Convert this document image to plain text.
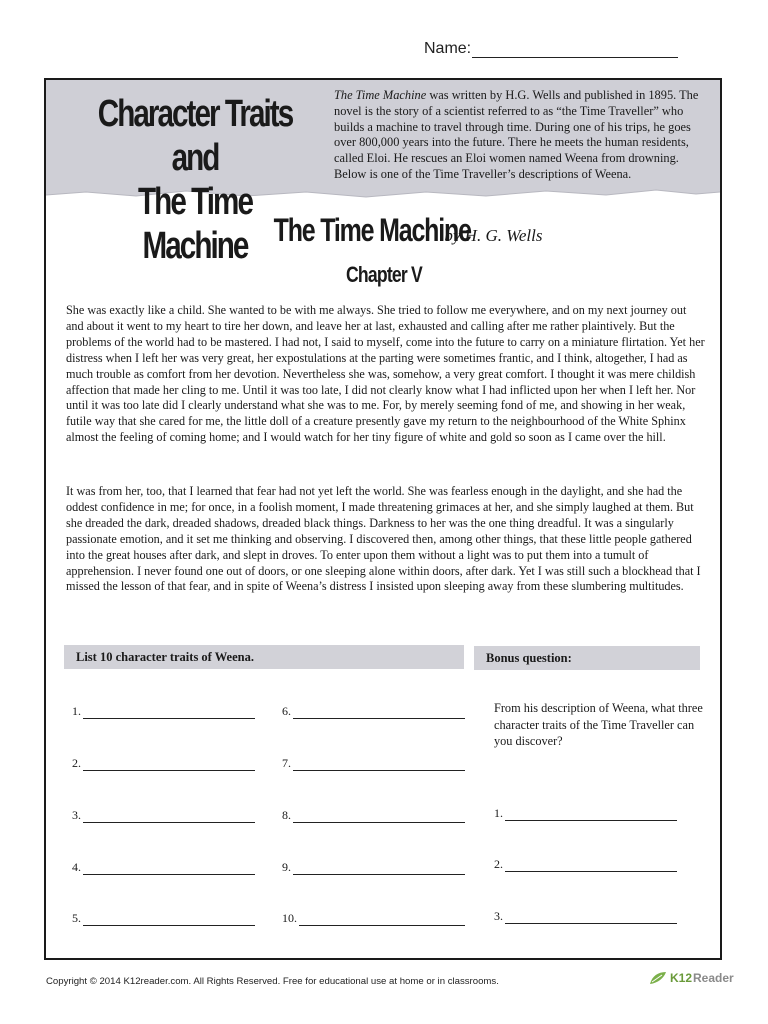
Name:
Character Traits and
The Time Machine
The Time Machine was written by H.G. Wells and published in 1895. The novel is the story of a scientist referred to as “the Time Traveller” who builds a machine to travel through time. During one of his trips, he goes over 800,000 years into the future. There he meets the human residents, called Eloi. He rescues an Eloi women named Weena from drowning. Below is one of the Time Traveller’s descriptions of Weena.
The Time Machine by H. G. Wells
Chapter V
She was exactly like a child. She wanted to be with me always. She tried to follow me everywhere, and on my next journey out and about it went to my heart to tire her down, and leave her at last, exhausted and calling after me rather plaintively. But the problems of the world had to be mastered. I had not, I said to myself, come into the future to carry on a miniature flirtation. Yet her distress when I left her was very great, her expostulations at the parting were sometimes frantic, and I think, altogether, I had as much trouble as comfort from her devotion. Nevertheless she was, somehow, a very great comfort. I thought it was mere childish affection that made her cling to me. Until it was too late, I did not clearly know what I had inflicted upon her when I left her. Nor until it was too late did I clearly understand what she was to me. For, by merely seeming fond of me, and showing in her weak, futile way that she cared for me, the little doll of a creature presently gave my return to the neighbourhood of the White Sphinx almost the feeling of coming home; and I would watch for her tiny figure of white and gold so soon as I came over the hill.
It was from her, too, that I learned that fear had not yet left the world. She was fearless enough in the daylight, and she had the oddest confidence in me; for once, in a foolish moment, I made threatening grimaces at her, and she simply laughed at them. But she dreaded the dark, dreaded shadows, dreaded black things. Darkness to her was the one thing dreadful. It was a singularly passionate emotion, and it set me thinking and observing. I discovered then, among other things, that these little people gathered into the great houses after dark, and slept in droves. To enter upon them without a light was to put them into a tumult of apprehension. I never found one out of doors, or one sleeping alone within doors, after dark. Yet I was still such a blockhead that I missed the lesson of that fear, and in spite of Weena’s distress I insisted upon sleeping away from these slumbering multitudes.
List 10 character traits of Weena.	Bonus question:
1.
2.
3.
4.
5.
6.
7.
8.
9.
10.
From his description of Weena, what three character traits of the Time Traveller can you discover?
1.
2.
3.
Copyright © 2014 K12reader.com. All Rights Reserved. Free for educational use at home or in classrooms.	K12 Reader
